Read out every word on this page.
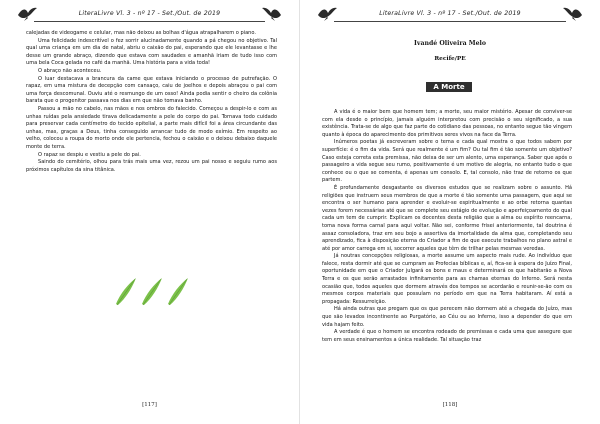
LiteraLivre Vl. 3 - nº 17 - Set./Out. de 2019

calejadas de videogame e celular, mas não deixou as bolhas d'água atrapalharem o piano.

Uma felicidade indescritível o fez sorrir alucinadamente quando a pá chegou no objetivo. Tal qual uma criança em um dia de natal, abriu o caixão do pai, esperando que ele levantasse e lhe desse um grande abraço, dizendo que estava com saudades e amanhã iriam de tudo isso com uma bela Coca gelada no café da manhã. Uma história para a vida toda!

O abraço não aconteceu.

O luar destacava a brancura da came que estava iniciando o processo de putrefação. O rapaz, em uma mistura de decepção com cansaço, caiu de joelhos e depois abraçou o pai com uma força descomunal. Ouviu até o resmungo de um osso! Ainda podia sentir o cheiro da colônia barata que o progenitor passava nos dias em que não tomava banho.

Passou a mão no cabelo, nas mãos e nos ombros do falecido. Começou a despir-lo e com as unhas ruídas pela ansiedade tirava delicadamente a pele do corpo do pai. Tornava todo cuidado para preservar cada centímetro do tecido epitelial, a parte mais difícil foi a área circundante das unhas, mas, graças a Deus, tinha conseguido arrancar tudo de modo exímio. Em respeito ao velho, colocou a roupa do morto onde ele pertencia, fechou o caixão e o deixou debaixo daquele monte de terra.

O rapaz se despiu e vestiu a pele do pai.

Saindo do cemitério, olhou para trás mais uma vez, rezou um pai nosso e seguiu rumo aos próximos capítulos da sina titânica.

[117]
LiteraLivre Vl. 3 - nº 17 - Set./Out. de 2019
Ivandé Oliveira Melo
Recife/PE
A Morte

A vida é o maior bem que homem tem; a morte, seu maior mistério. Apesar de conviver-se com ela desde o princípio, jamais alguém interpretou com precisão o seu significado, a sua existência. Trata-se de algo que faz parte do cotidiano das pessoas, no entanto segue tão vingem quanto à época do aparecimento dos primitivos seres vivos na face da Terra.

Inúmeros poetas já escreveram sobre o tema e cada qual mostra o que todos sabem por superfície: é o fim da vida. Será que realmente é um fim? Ou tal fim é tão somente um objetivo? Caso esteja correta esta premissa, não deixa de ser um alento, uma esperança. Saber que após o passageiro a vida segue seu rumo, positivamente é um motivo de alegria, no entanto tudo o que conhece ou o que se comenta, é apenas um consolo. E, tal consolo, não traz de retorno os que partem.

É profundamente desgastante os diversos estudos que se realizam sobre o assunto. Há religiões que instruem seus membros de que a morte é tão somente uma passagem, que aqui se encontra o ser humano para aprender e evoluir-se espiritualmente e ao orbe retorna quantas vezes forem necessárias até que se complete seu estágio de evolução e aperfeiçoamento do qual cada um tem de cumprir. Explicam os docentes desta religião que a alma ou espírito reencarna, toma nova forma carnal para aqui voltar. Não sei, conforme frisei anteriormente, tal doutrina é assaz consoladora, traz em seu bojo a assertiva da imortalidade da alma que, completando seu aprendizado, fica à disposição eterna do Criador a fim de que execute trabalhos no plano astral e até por amor carrega em si, socorrer aqueles que têm de trilhar pelas mesmas veredas.

Já noutras concepções religiosas, a morte assume um aspecto mais rude. Ao indivíduo que falece, resta dormir até que se cumpram as Profecias bíblicas e, aí, fica-se à espera do Juízo Final, oportunidade em que o Criador julgará os bons e maus e determinará os que habitarão a Nova Terra e os que serão arrastados infinitamente para as chamas eternas do Inferno. Será nesta ocasião que, todos aqueles que dormem através dos tempos se acordarão e reunir-se-ão com os mesmos corpos materiais que possuíam no período em que na Terra habitaram. Aí está a propagada: Ressurreição.

Há ainda outras que pregam que os que perecem não dormem até a chegada do Juízo, mas que são levados incontinente ao Purgatório, ao Céu ou ao Inferno, isso a depender do que em vida hajam feito.

A verdade é que o homem se encontra rodeado de premissas e cada uma que assegure que tem em seus ensinamentos a única realidade. Tal situação traz

[118]
